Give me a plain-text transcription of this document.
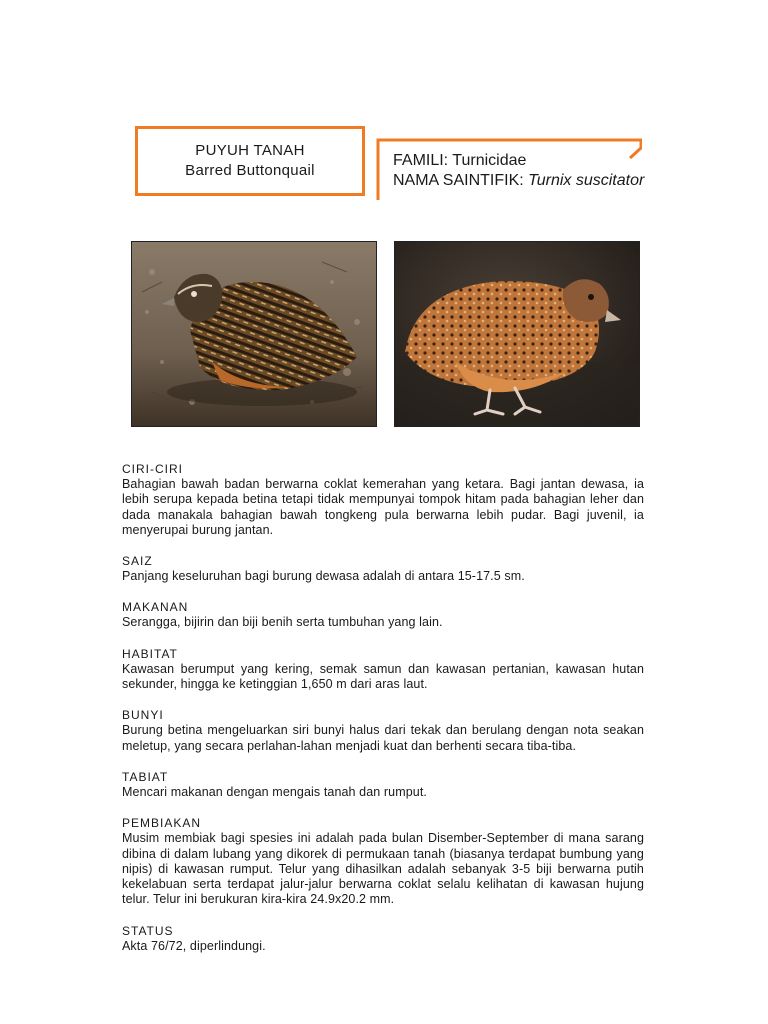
PUYUH TANAH
Barred Buttonquail
FAMILI: Turnicidae
NAMA SAINTIFIK: Turnix suscitator

CIRI-CIRI

Bahagian bawah badan berwarna coklat kemerahan yang ketara. Bagi jantan dewasa, ia lebih serupa kepada betina tetapi tidak mempunyai tompok hitam pada bahagian leher dan dada manakala bahagian bawah tongkeng pula berwarna lebih pudar. Bagi juvenil, ia menyerupai burung jantan.

SAIZ

Panjang keseluruhan bagi burung dewasa adalah di antara 15-17.5 sm.

MAKANAN

Serangga, bijirin dan biji benih serta tumbuhan yang lain.

HABITAT

Kawasan berumput yang kering, semak samun dan kawasan pertanian, kawasan hutan sekunder, hingga ke ketinggian 1,650 m dari aras laut.

BUNYI

Burung betina mengeluarkan siri bunyi halus dari tekak dan berulang dengan nota seakan meletup, yang secara perlahan-lahan menjadi kuat dan berhenti secara tiba-tiba.

TABIAT

Mencari makanan dengan mengais tanah dan rumput.

PEMBIAKAN

Musim membiak bagi spesies ini adalah pada bulan Disember-September di mana sarang dibina di dalam lubang yang dikorek di permukaan tanah (biasanya terdapat bumbung yang nipis) di kawasan rumput. Telur yang dihasilkan adalah sebanyak 3-5 biji berwarna putih kekelabuan serta terdapat jalur-jalur berwarna coklat selalu kelihatan di kawasan hujung telur. Telur ini berukuran kira-kira 24.9x20.2 mm.

STATUS

Akta 76/72, diperlindungi.
